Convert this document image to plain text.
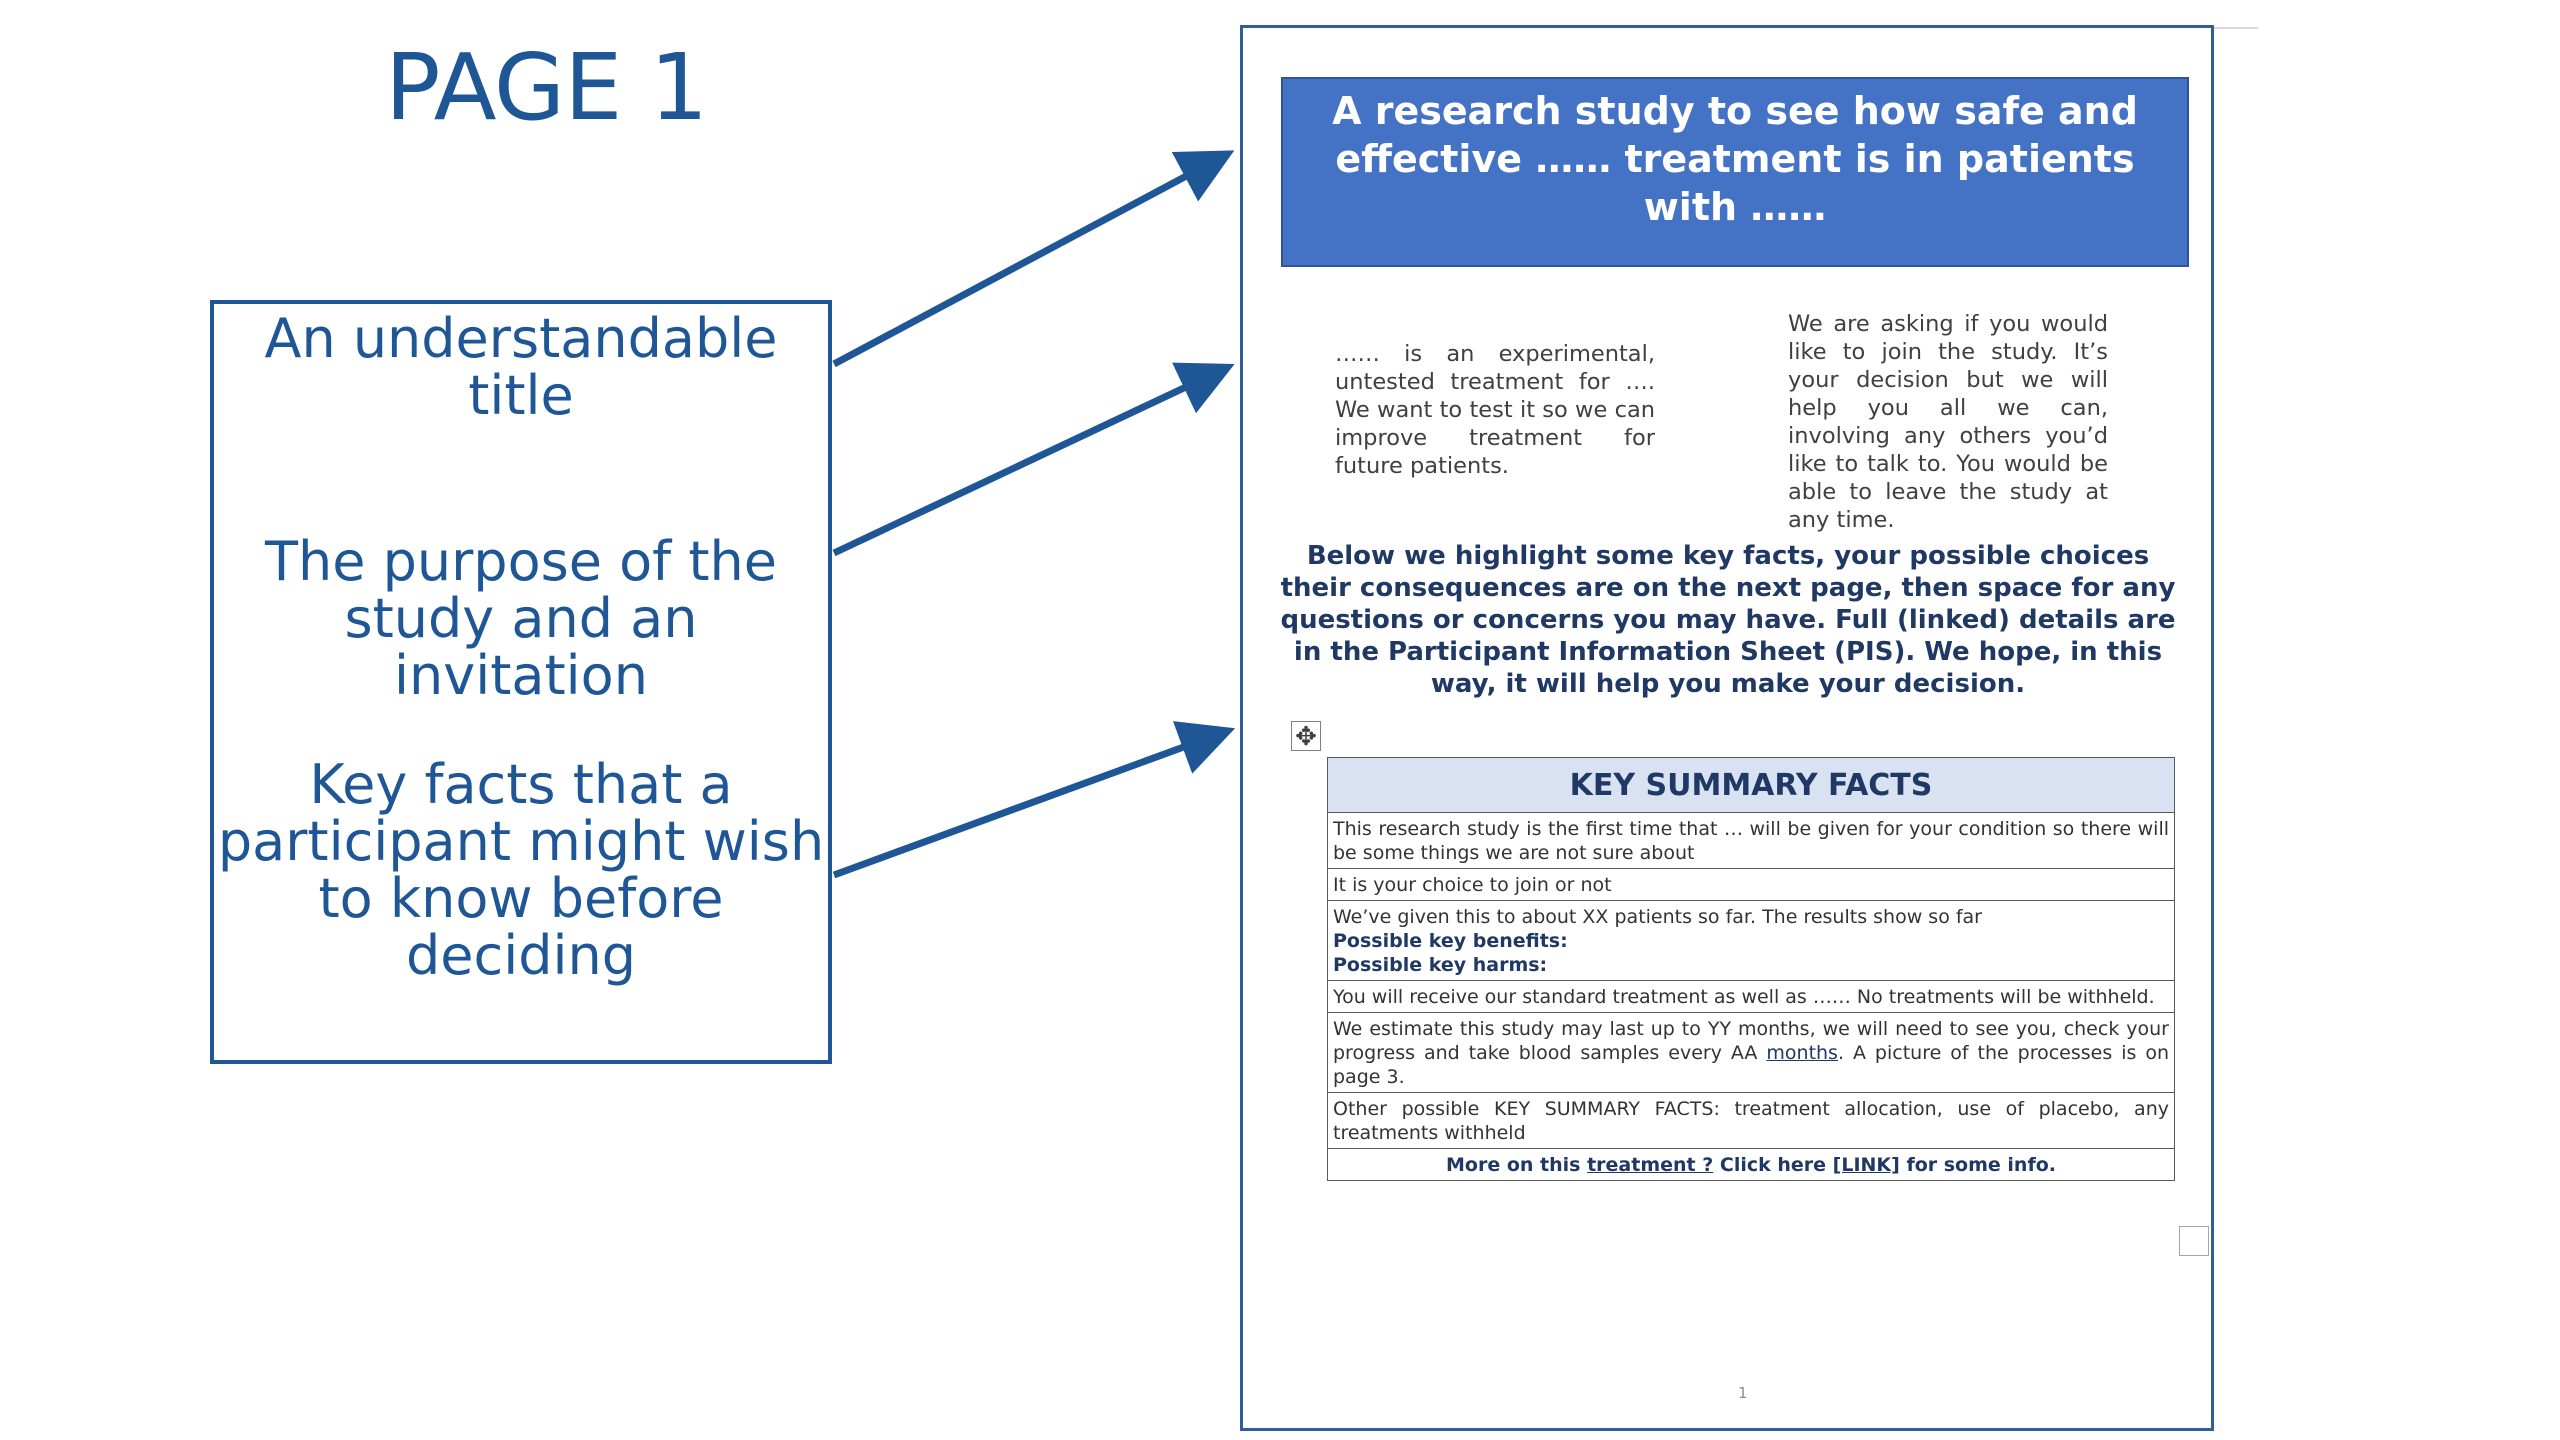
PAGE 1
An understandable title
The purpose of the study and an invitation
Key facts that a participant might wish to know before deciding
A research study to see how safe and effective …… treatment is in patients with ……
…… is an experimental, untested treatment for …. We want to test it so we can improve treatment for future patients.
We are asking if you would like to join the study. It’s your decision but we will help you all we can, involving any others you’d like to talk to. You would be able to leave the study at any time.
Below we highlight some key facts, your possible choices their consequences are on the next page, then space for any questions or concerns you may have. Full (linked) details are in the Participant Information Sheet (PIS). We hope, in this way, it will help you make your decision.
✥
KEY SUMMARY FACTS
This research study is the first time that … will be given for your condition so there will be some things we are not sure about
It is your choice to join or not
We’ve given this to about XX patients so far. The results show so far
Possible key benefits:
Possible key harms:
You will receive our standard treatment as well as …… No treatments will be withheld.
We estimate this study may last up to YY months, we will need to see you, check your progress and take blood samples every AA months. A picture of the processes is on page 3.
Other possible KEY SUMMARY FACTS: treatment allocation, use of placebo, any treatments withheld
More on this treatment ? Click here [LINK] for some info.
1
